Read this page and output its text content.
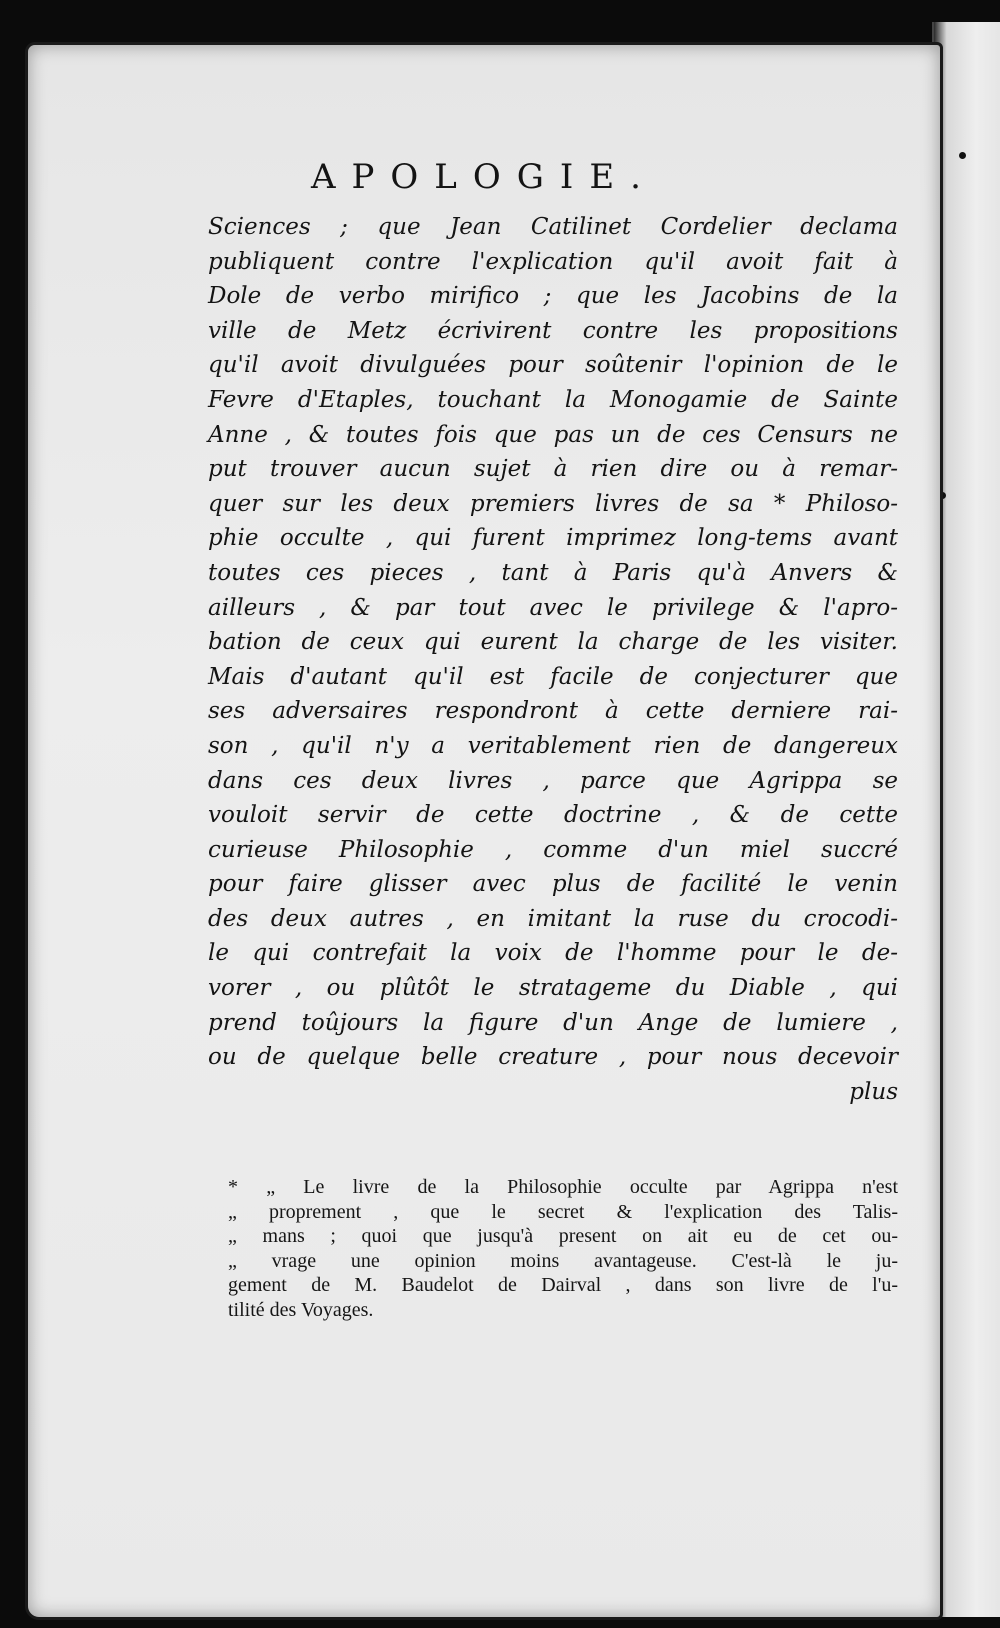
APOLOGIE.
Sciences ; que Jean Catilinet Cordelier declama
publiquent contre l'explication qu'il avoit fait à
Dole de verbo mirifico ; que les Jacobins de la
ville de Metz écrivirent contre les propositions
qu'il avoit divulguées pour soûtenir l'opinion de le
Fevre d'Etaples, touchant la Monogamie de Sainte
Anne , & toutes fois que pas un de ces Censurs ne
put trouver aucun sujet à rien dire ou à remar-
quer sur les deux premiers livres de sa * Philoso-
phie occulte , qui furent imprimez long-tems avant
toutes ces pieces , tant à Paris qu'à Anvers &
ailleurs , & par tout avec le privilege & l'apro-
bation de ceux qui eurent la charge de les visiter.
Mais d'autant qu'il est facile de conjecturer que
ses adversaires respondront à cette derniere rai-
son , qu'il n'y a veritablement rien de dangereux
dans ces deux livres , parce que Agrippa se
vouloit servir de cette doctrine , & de cette
curieuse Philosophie , comme d'un miel succré
pour faire glisser avec plus de facilité le venin
des deux autres , en imitant la ruse du crocodi-
le qui contrefait la voix de l'homme pour le de-
vorer , ou plûtôt le stratageme du Diable , qui
prend toûjours la figure d'un Ange de lumiere ,
ou de quelque belle creature , pour nous decevoir
plus
* „ Le livre de la Philosophie occulte par Agrippa n'est
„ proprement , que le secret & l'explication des Talis-
„ mans ; quoi que jusqu'à present on ait eu de cet ou-
„ vrage une opinion moins avantageuse. C'est-là le ju-
gement de M. Baudelot de Dairval , dans son livre de l'u-
tilité des Voyages.
